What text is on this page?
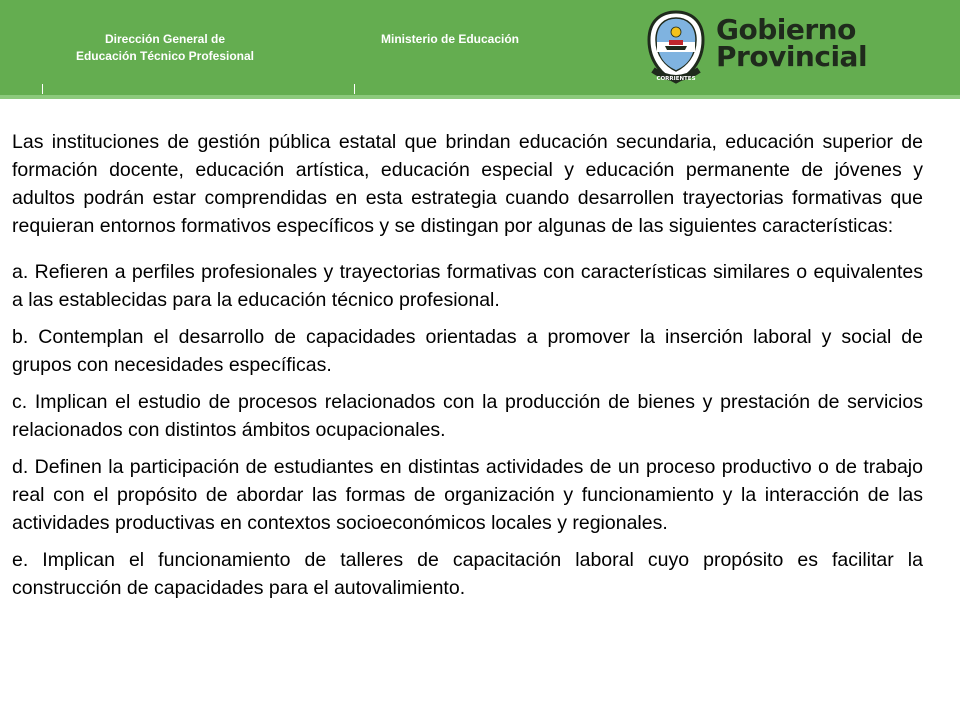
Dirección General de
Educación Técnico Profesional
Ministerio de Educación
CORRIENTES
Gobierno
Provincial

Las instituciones de gestión pública estatal que brindan educación secundaria, educación superior de formación docente, educación artística, educación especial y educación permanente de jóvenes y adultos podrán estar comprendidas en esta estrategia cuando desarrollen trayectorias formativas que requieran entornos formativos específicos y se distingan por algunas de las siguientes características:

a. Refieren a perfiles profesionales y trayectorias formativas con características similares o equivalentes a las establecidas para la educación técnico profesional.

b. Contemplan el desarrollo de capacidades orientadas a promover la inserción laboral y social de grupos con necesidades específicas.

c. Implican el estudio de procesos relacionados con la producción de bienes y prestación de servicios relacionados con distintos ámbitos ocupacionales.

d. Definen la participación de estudiantes en distintas actividades de un proceso productivo o de trabajo real con el propósito de abordar las formas de organización y funcionamiento y la interacción de las actividades productivas en contextos socioeconómicos locales y regionales.

e. Implican el funcionamiento de talleres de capacitación laboral cuyo propósito es facilitar la construcción de capacidades para el autovalimiento.
